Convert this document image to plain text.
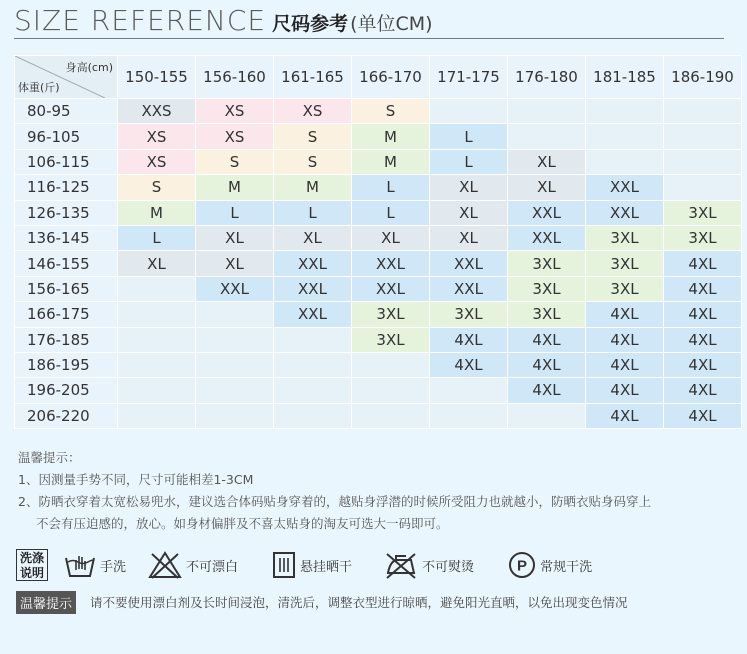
SIZE REFERENCE 尺码参考 (单位CM)
身高(cm)
体重(斤)	150-155	156-160	161-165	166-170	171-175	176-180	181-185	186-190
80-95	XXS	XS	XS	S				
96-105	XS	XS	S	M	L			
106-115	XS	S	S	M	L	XL		
116-125	S	M	M	L	XL	XL	XXL	
126-135	M	L	L	L	XL	XXL	XXL	3XL
136-145	L	XL	XL	XL	XL	XXL	3XL	3XL
146-155	XL	XL	XXL	XXL	XXL	3XL	3XL	4XL
156-165		XXL	XXL	XXL	XXL	3XL	3XL	4XL
166-175			XXL	3XL	3XL	3XL	4XL	4XL
176-185				3XL	4XL	4XL	4XL	4XL
186-195					4XL	4XL	4XL	4XL
196-205						4XL	4XL	4XL
206-220							4XL	4XL
温馨提示：
1、因测量手势不同，尺寸可能相差1-3CM
2、防晒衣穿着太宽松易兜水，建议选合体码贴身穿着的，越贴身浮潜的时候所受阻力也就越小，防晒衣贴身码穿上
不会有压迫感的，放心。如身材偏胖及不喜太贴身的淘友可选大一码即可。
洗涤
说明	手洗	不可漂白	悬挂晒干	不可熨烫	P 常规干洗
温馨提示	请不要使用漂白剂及长时间浸泡，清洗后，调整衣型进行晾晒，避免阳光直晒，以免出现变色情况
